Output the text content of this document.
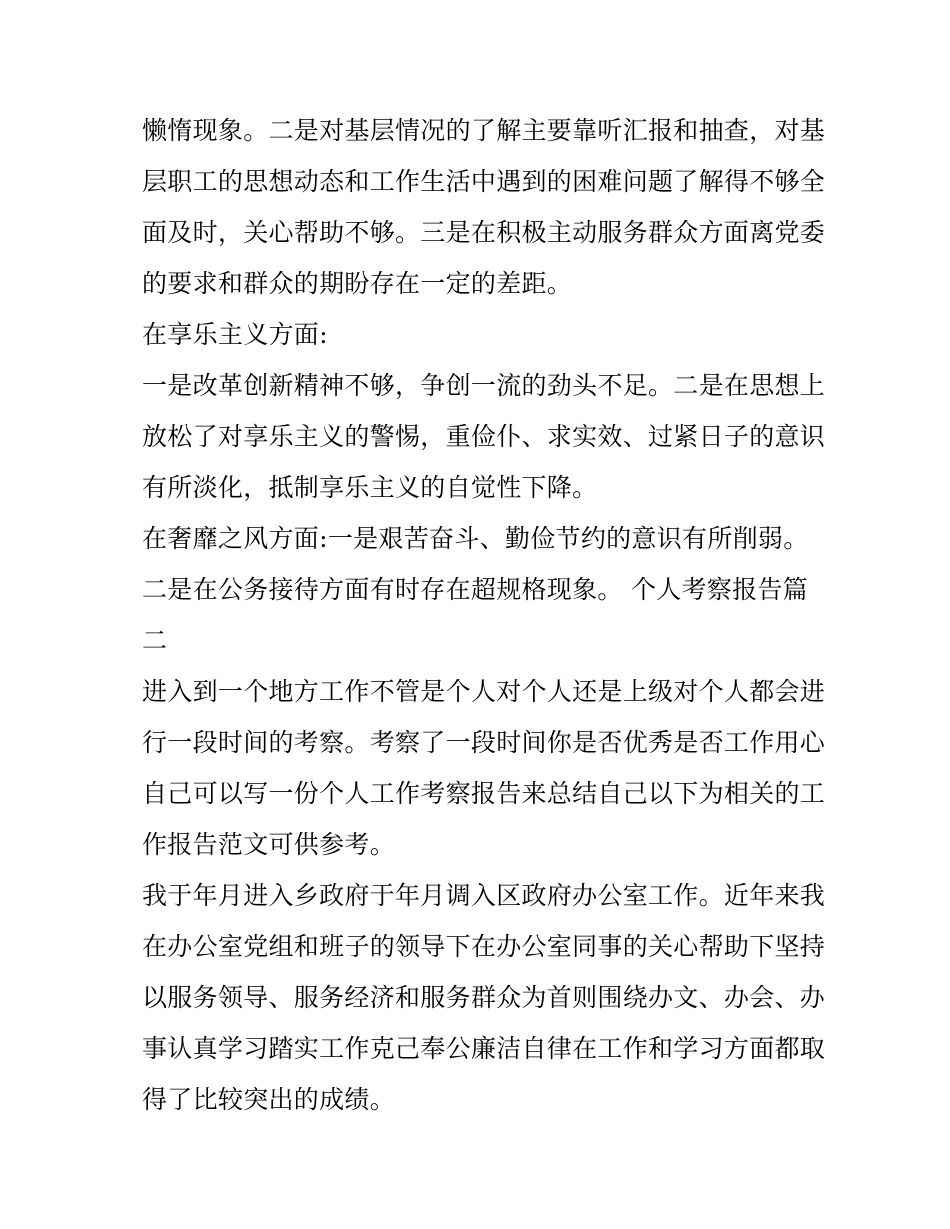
懒惰现象。二是对基层情况的了解主要靠听汇报和抽查，对基
层职工的思想动态和工作生活中遇到的困难问题了解得不够全
面及时，关心帮助不够。三是在积极主动服务群众方面离党委
的要求和群众的期盼存在一定的差距。
在享乐主义方面:
一是改革创新精神不够，争创一流的劲头不足。二是在思想上
放松了对享乐主义的警惕，重俭仆、求实效、过紧日子的意识
有所淡化，抵制享乐主义的自觉性下降。
在奢靡之风方面:一是艰苦奋斗、勤俭节约的意识有所削弱。
二是在公务接待方面有时存在超规格现象。 个人考察报告篇
二
进入到一个地方工作不管是个人对个人还是上级对个人都会进
行一段时间的考察。考察了一段时间你是否优秀是否工作用心
自己可以写一份个人工作考察报告来总结自己以下为相关的工
作报告范文可供参考。
我于年月进入乡政府于年月调入区政府办公室工作。近年来我
在办公室党组和班子的领导下在办公室同事的关心帮助下坚持
以服务领导、服务经济和服务群众为首则围绕办文、办会、办
事认真学习踏实工作克己奉公廉洁自律在工作和学习方面都取
得了比较突出的成绩。
